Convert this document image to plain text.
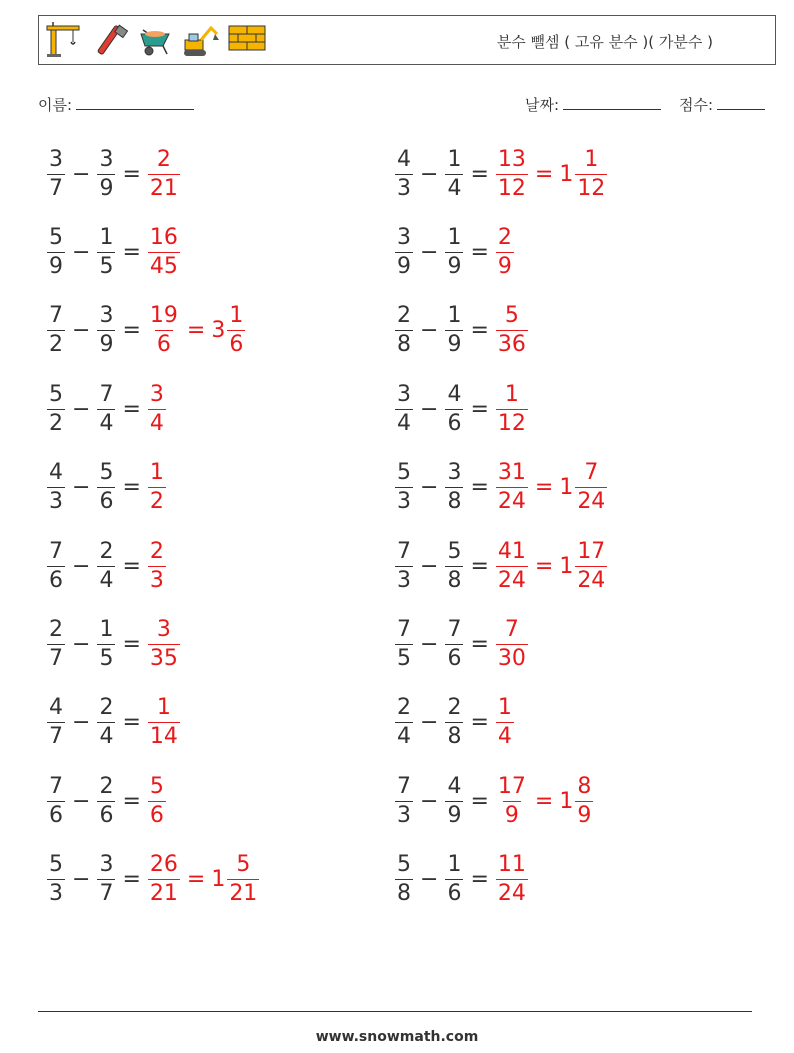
분수 뺄셈 ( 고유 분수 )( 가분수 )
이름:	날짜:	점수:
$\frac{3}{7} - \frac{3}{9} = \frac{2}{21}$	$\frac{4}{3} - \frac{1}{4} = \frac{13}{12} = 1 \frac{1}{12}$
$\frac{5}{9} - \frac{1}{5} = \frac{16}{45}$	$\frac{3}{9} - \frac{1}{9} = \frac{2}{9}$
$\frac{7}{2} - \frac{3}{9} = \frac{19}{6} = 3 \frac{1}{6}$	$\frac{2}{8} - \frac{1}{9} = \frac{5}{36}$
$\frac{5}{2} - \frac{7}{4} = \frac{3}{4}$	$\frac{3}{4} - \frac{4}{6} = \frac{1}{12}$
$\frac{4}{3} - \frac{5}{6} = \frac{1}{2}$	$\frac{5}{3} - \frac{3}{8} = \frac{31}{24} = 1 \frac{7}{24}$
$\frac{7}{6} - \frac{2}{4} = \frac{2}{3}$	$\frac{7}{3} - \frac{5}{8} = \frac{41}{24} = 1 \frac{17}{24}$
$\frac{2}{7} - \frac{1}{5} = \frac{3}{35}$	$\frac{7}{5} - \frac{7}{6} = \frac{7}{30}$
$\frac{4}{7} - \frac{2}{4} = \frac{1}{14}$	$\frac{2}{4} - \frac{2}{8} = \frac{1}{4}$
$\frac{7}{6} - \frac{2}{6} = \frac{5}{6}$	$\frac{7}{3} - \frac{4}{9} = \frac{17}{9} = 1 \frac{8}{9}$
$\frac{5}{3} - \frac{3}{7} = \frac{26}{21} = 1 \frac{5}{21}$	$\frac{5}{8} - \frac{1}{6} = \frac{11}{24}$
www.snowmath.com
